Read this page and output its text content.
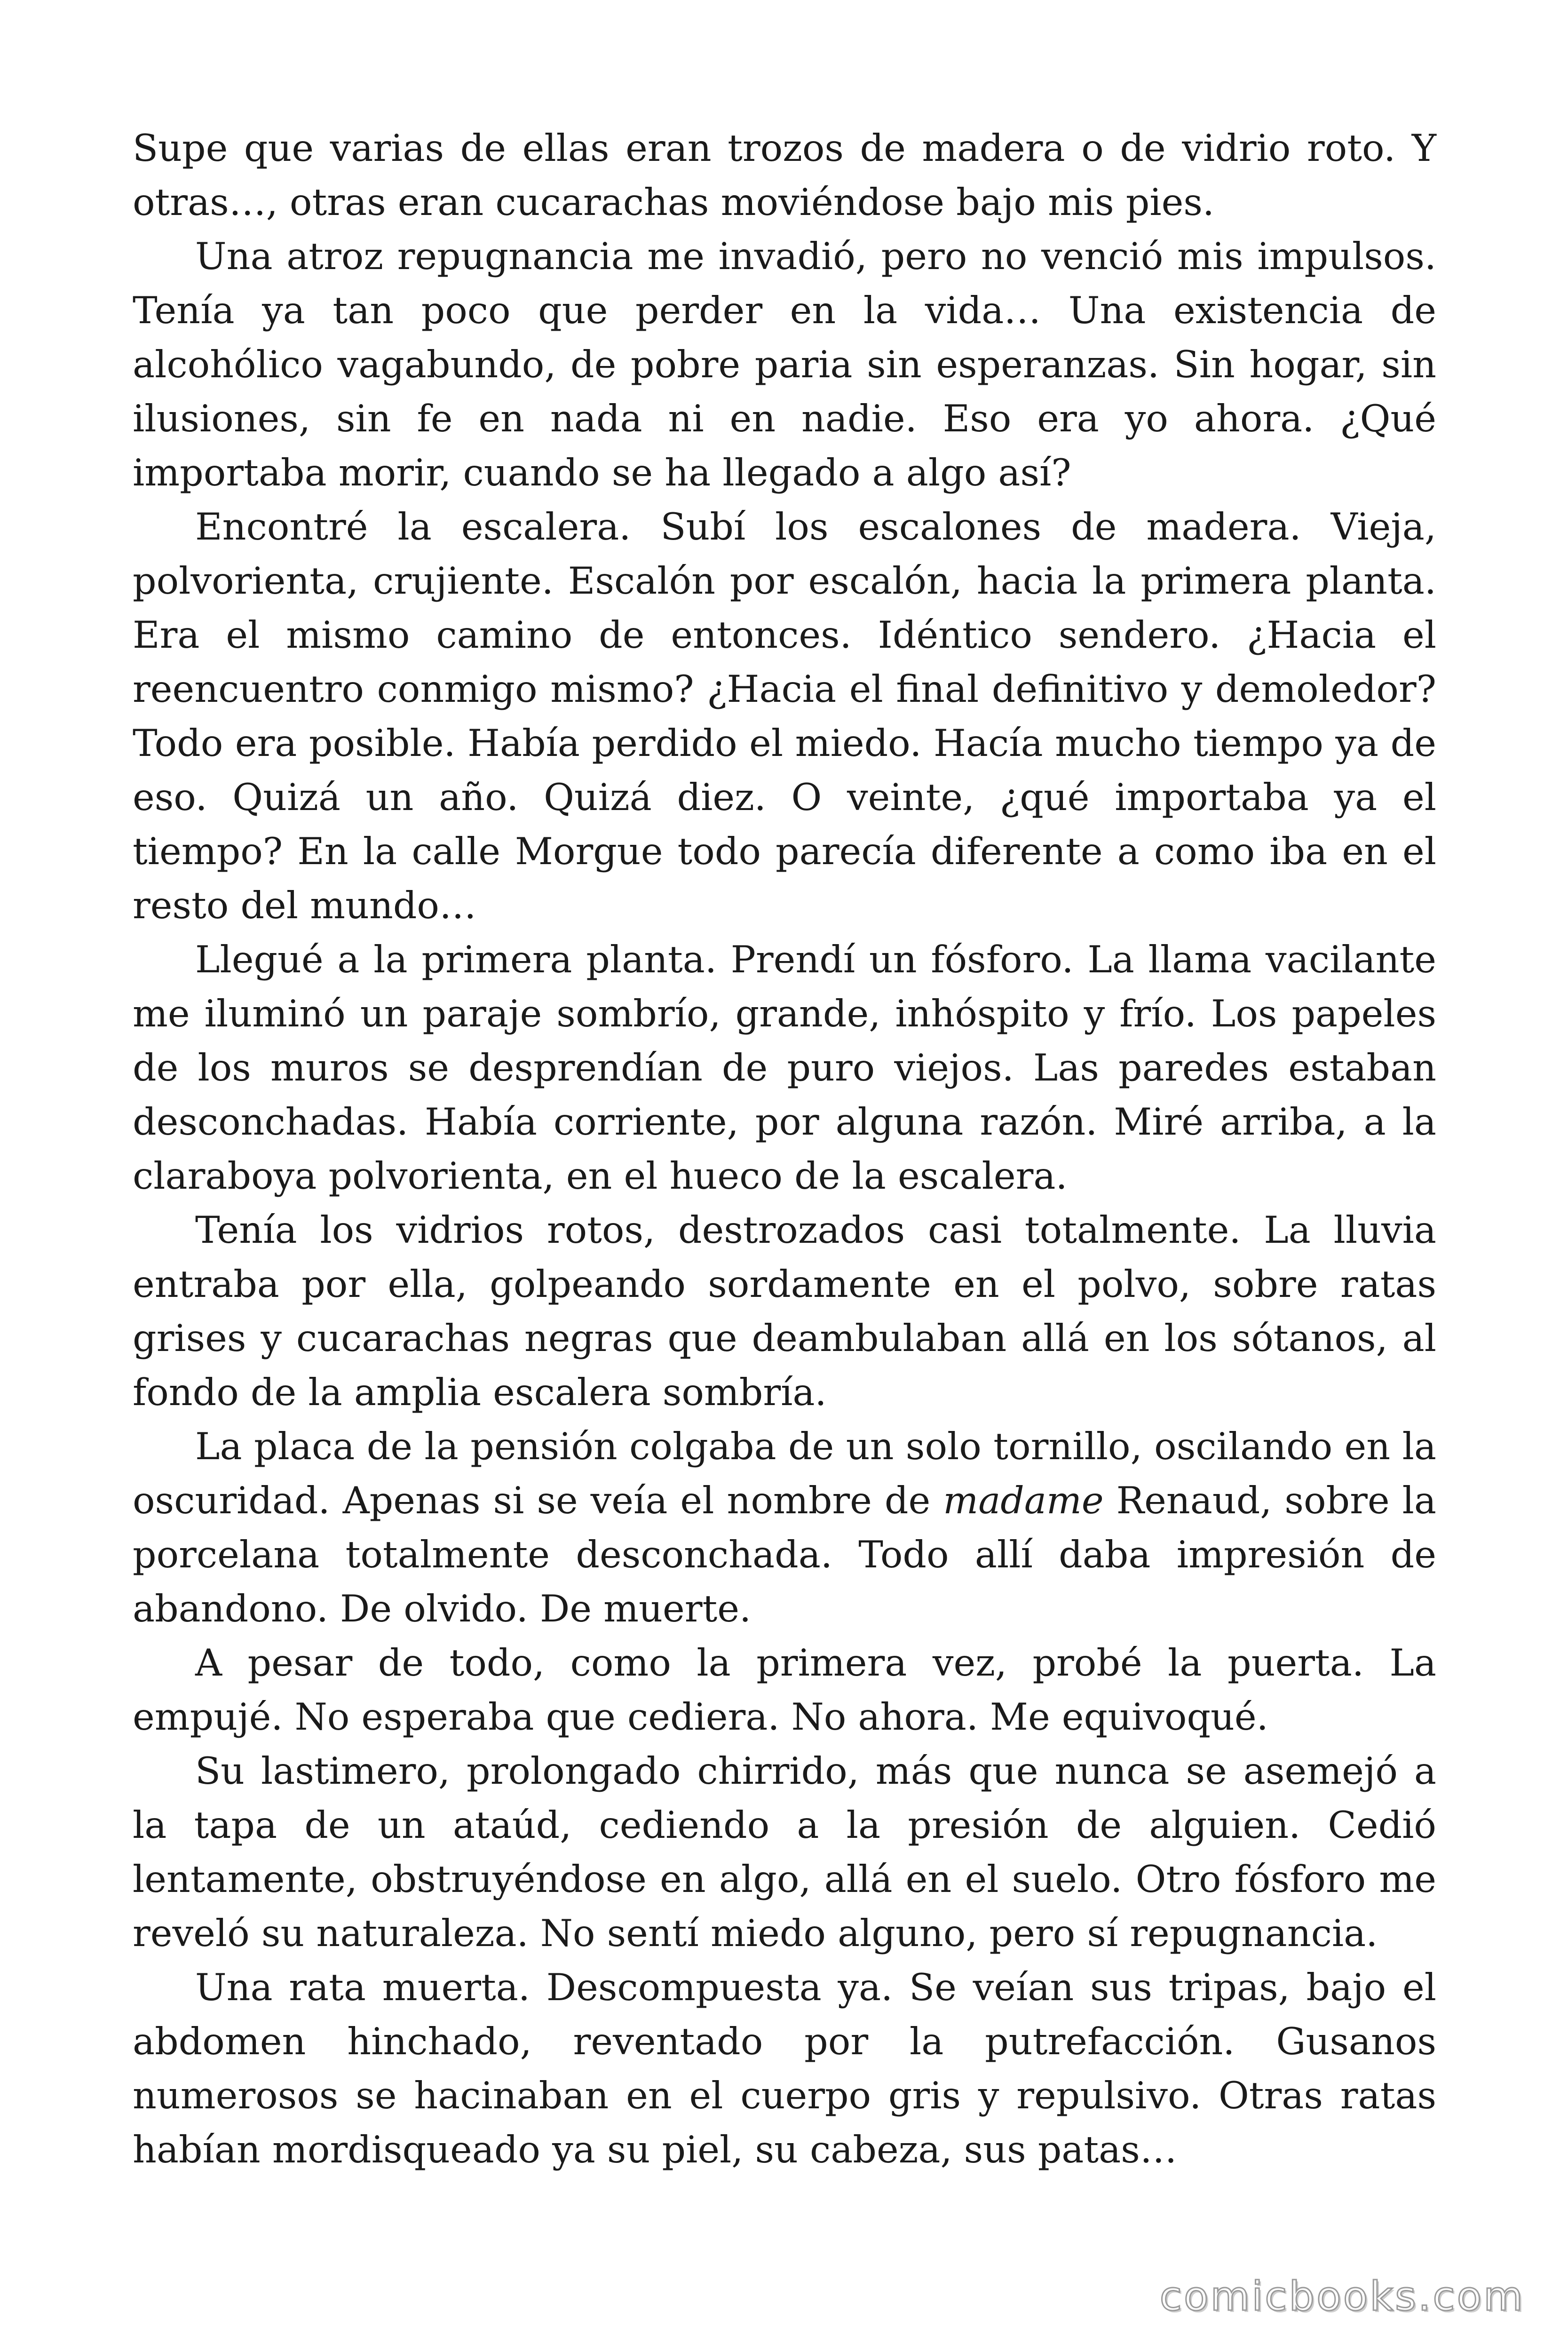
Supe que varias de ellas eran trozos de madera o de vidrio roto. Y otras…, otras eran cucarachas moviéndose bajo mis pies.

Una atroz repugnancia me invadió, pero no venció mis impulsos. Tenía ya tan poco que perder en la vida… Una existencia de alcohólico vagabundo, de pobre paria sin esperanzas. Sin hogar, sin ilusiones, sin fe en nada ni en nadie. Eso era yo ahora. ¿Qué importaba morir, cuando se ha llegado a algo así?

Encontré la escalera. Subí los escalones de madera. Vieja, polvorienta, crujiente. Escalón por escalón, hacia la primera planta. Era el mismo camino de entonces. Idéntico sendero. ¿Hacia el reencuentro conmigo mismo? ¿Hacia el final definitivo y demoledor? Todo era posible. Había perdido el miedo. Hacía mucho tiempo ya de eso. Quizá un año. Quizá diez. O veinte, ¿qué importaba ya el tiempo? En la calle Morgue todo parecía diferente a como iba en el resto del mundo…

Llegué a la primera planta. Prendí un fósforo. La llama vacilante me iluminó un paraje sombrío, grande, inhóspito y frío. Los papeles de los muros se desprendían de puro viejos. Las paredes estaban desconchadas. Había corriente, por alguna razón. Miré arriba, a la claraboya polvorienta, en el hueco de la escalera.

Tenía los vidrios rotos, destrozados casi totalmente. La lluvia entraba por ella, golpeando sordamente en el polvo, sobre ratas grises y cucarachas negras que deambulaban allá en los sótanos, al fondo de la amplia escalera sombría.

La placa de la pensión colgaba de un solo tornillo, oscilando en la oscuridad. Apenas si se veía el nombre de madame Renaud, sobre la porcelana totalmente desconchada. Todo allí daba impresión de abandono. De olvido. De muerte.

A pesar de todo, como la primera vez, probé la puerta. La empujé. No esperaba que cediera. No ahora. Me equivoqué.

Su lastimero, prolongado chirrido, más que nunca se asemejó a la tapa de un ataúd, cediendo a la presión de alguien. Cedió lentamente, obstruyéndose en algo, allá en el suelo. Otro fósforo me reveló su naturaleza. No sentí miedo alguno, pero sí repugnancia.

Una rata muerta. Descompuesta ya. Se veían sus tripas, bajo el abdomen hinchado, reventado por la putrefacción. Gusanos numerosos se hacinaban en el cuerpo gris y repulsivo. Otras ratas habían mordisqueado ya su piel, su cabeza, sus patas…

comicbooks.com
